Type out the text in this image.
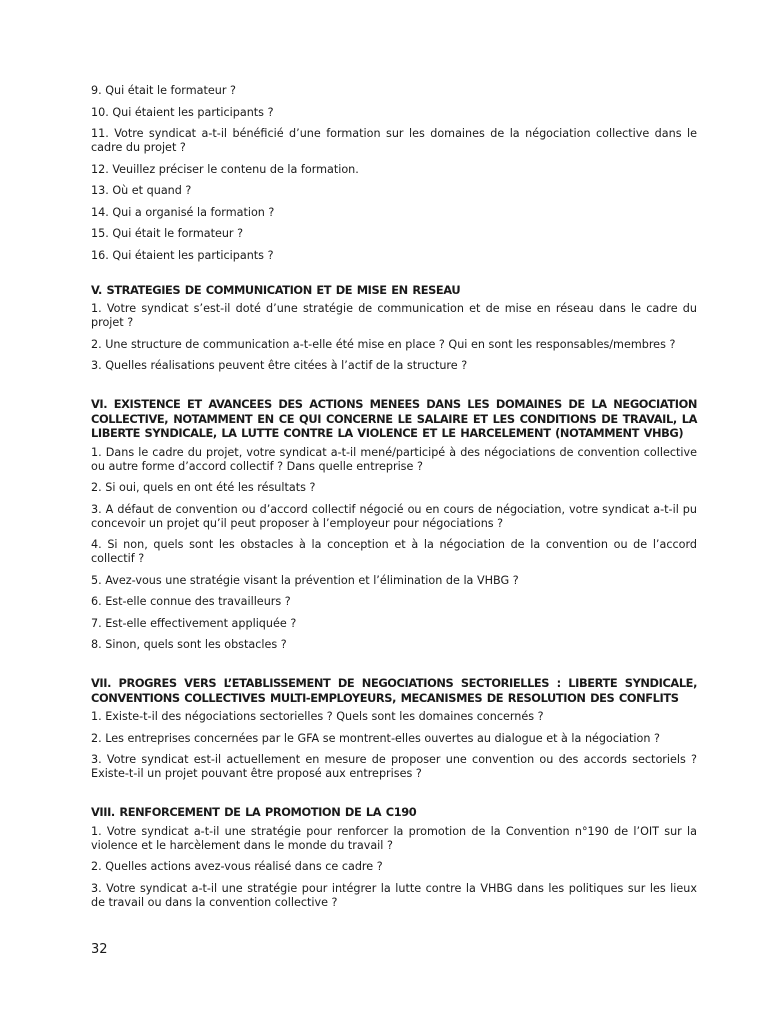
9. Qui était le formateur ?

10. Qui étaient les participants ?

11. Votre syndicat a-t-il bénéficié d’une formation sur les domaines de la négociation collective dans le cadre du projet ?

12. Veuillez préciser le contenu de la formation.

13. Où et quand ?

14. Qui a organisé la formation ?

15. Qui était le formateur ?

16. Qui étaient les participants ?

V. STRATEGIES DE COMMUNICATION ET DE MISE EN RESEAU

1. Votre syndicat s’est-il doté d’une stratégie de communication et de mise en réseau dans le cadre du projet ?

2. Une structure de communication a-t-elle été mise en place ? Qui en sont les responsables/membres ?

3. Quelles réalisations peuvent être citées à l’actif de la structure ?

VI. EXISTENCE ET AVANCEES DES ACTIONS MENEES DANS LES DOMAINES DE LA NEGOCIATION COLLECTIVE, NOTAMMENT EN CE QUI CONCERNE LE SALAIRE ET LES CONDITIONS DE TRAVAIL, LA LIBERTE SYNDICALE, LA LUTTE CONTRE LA VIOLENCE ET LE HARCELEMENT (NOTAMMENT VHBG)

1. Dans le cadre du projet, votre syndicat a-t-il mené/participé à des négociations de convention collective ou autre forme d’accord collectif ? Dans quelle entreprise ?

2. Si oui, quels en ont été les résultats ?

3. A défaut de convention ou d’accord collectif négocié ou en cours de négociation, votre syndicat a-t-il pu concevoir un projet qu’il peut proposer à l’employeur pour négociations ?

4. Si non, quels sont les obstacles à la conception et à la négociation de la convention ou de l’accord collectif ?

5. Avez-vous une stratégie visant la prévention et l’élimination de la VHBG ?

6. Est-elle connue des travailleurs ?

7. Est-elle effectivement appliquée ?

8. Sinon, quels sont les obstacles ?

VII. PROGRES VERS L’ETABLISSEMENT DE NEGOCIATIONS SECTORIELLES : LIBERTE SYNDICALE, CONVENTIONS COLLECTIVES MULTI-EMPLOYEURS, MECANISMES DE RESOLUTION DES CONFLITS

1. Existe-t-il des négociations sectorielles ? Quels sont les domaines concernés ?

2. Les entreprises concernées par le GFA se montrent-elles ouvertes au dialogue et à la négociation ?

3. Votre syndicat est-il actuellement en mesure de proposer une convention ou des accords sectoriels ? Existe-t-il un projet pouvant être proposé aux entreprises ?

VIII. RENFORCEMENT DE LA PROMOTION DE LA C190

1. Votre syndicat a-t-il une stratégie pour renforcer la promotion de la Convention n°190 de l’OIT sur la violence et le harcèlement dans le monde du travail ?

2. Quelles actions avez-vous réalisé dans ce cadre ?

3. Votre syndicat a-t-il une stratégie pour intégrer la lutte contre la VHBG dans les politiques sur les lieux de travail ou dans la convention collective ?

32
